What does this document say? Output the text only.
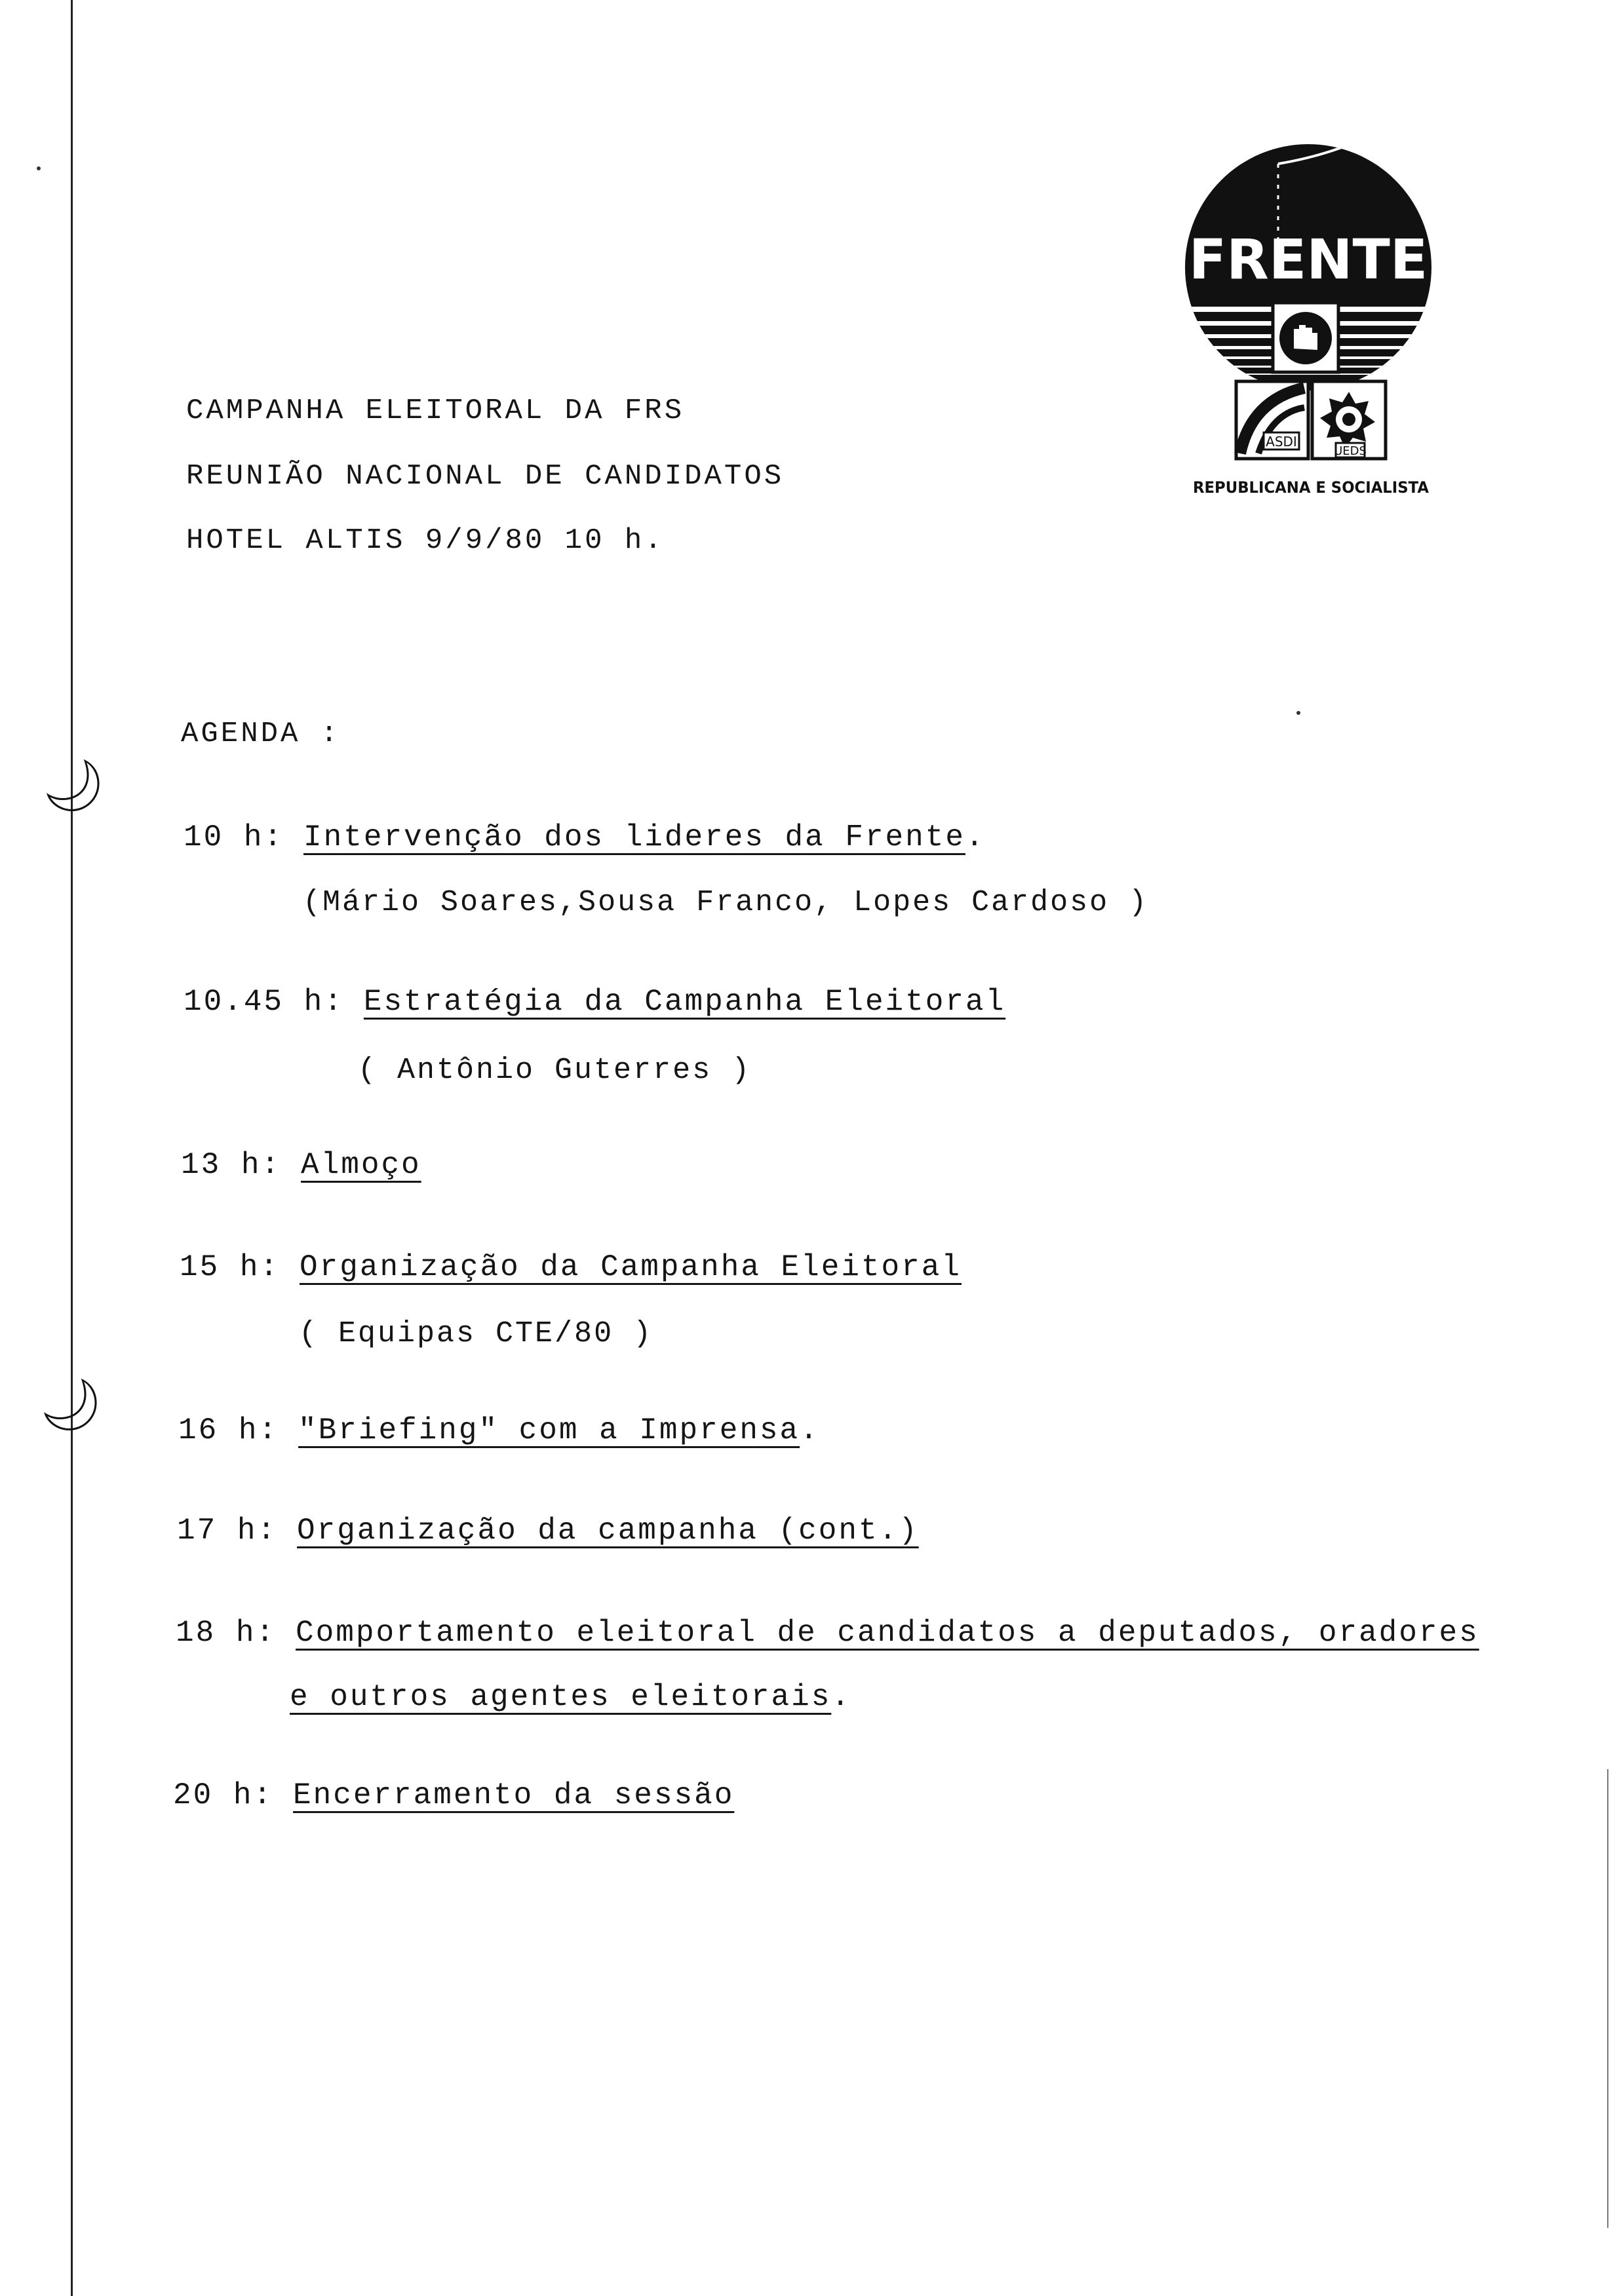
🌙︎
🌙︎
FRENTE
ASDI
UEDS
REPUBLICANA E SOCIALISTA
CAMPANHA ELEITORAL DA FRS
REUNIÃO NACIONAL DE CANDIDATOS
HOTEL ALTIS 9/9/80 10 h.
AGENDA :
10 h: Intervenção dos lideres da Frente.
(Mário Soares,Sousa Franco, Lopes Cardoso )
10.45 h: Estratégia da Campanha Eleitoral
( Antônio Guterres )
13 h: Almoço
15 h: Organização da Campanha Eleitoral
( Equipas CTE/80 )
16 h: "Briefing" com a Imprensa.
17 h: Organização da campanha (cont.)
18 h: Comportamento eleitoral de candidatos a deputados, oradores
e outros agentes eleitorais.
20 h: Encerramento da sessão
